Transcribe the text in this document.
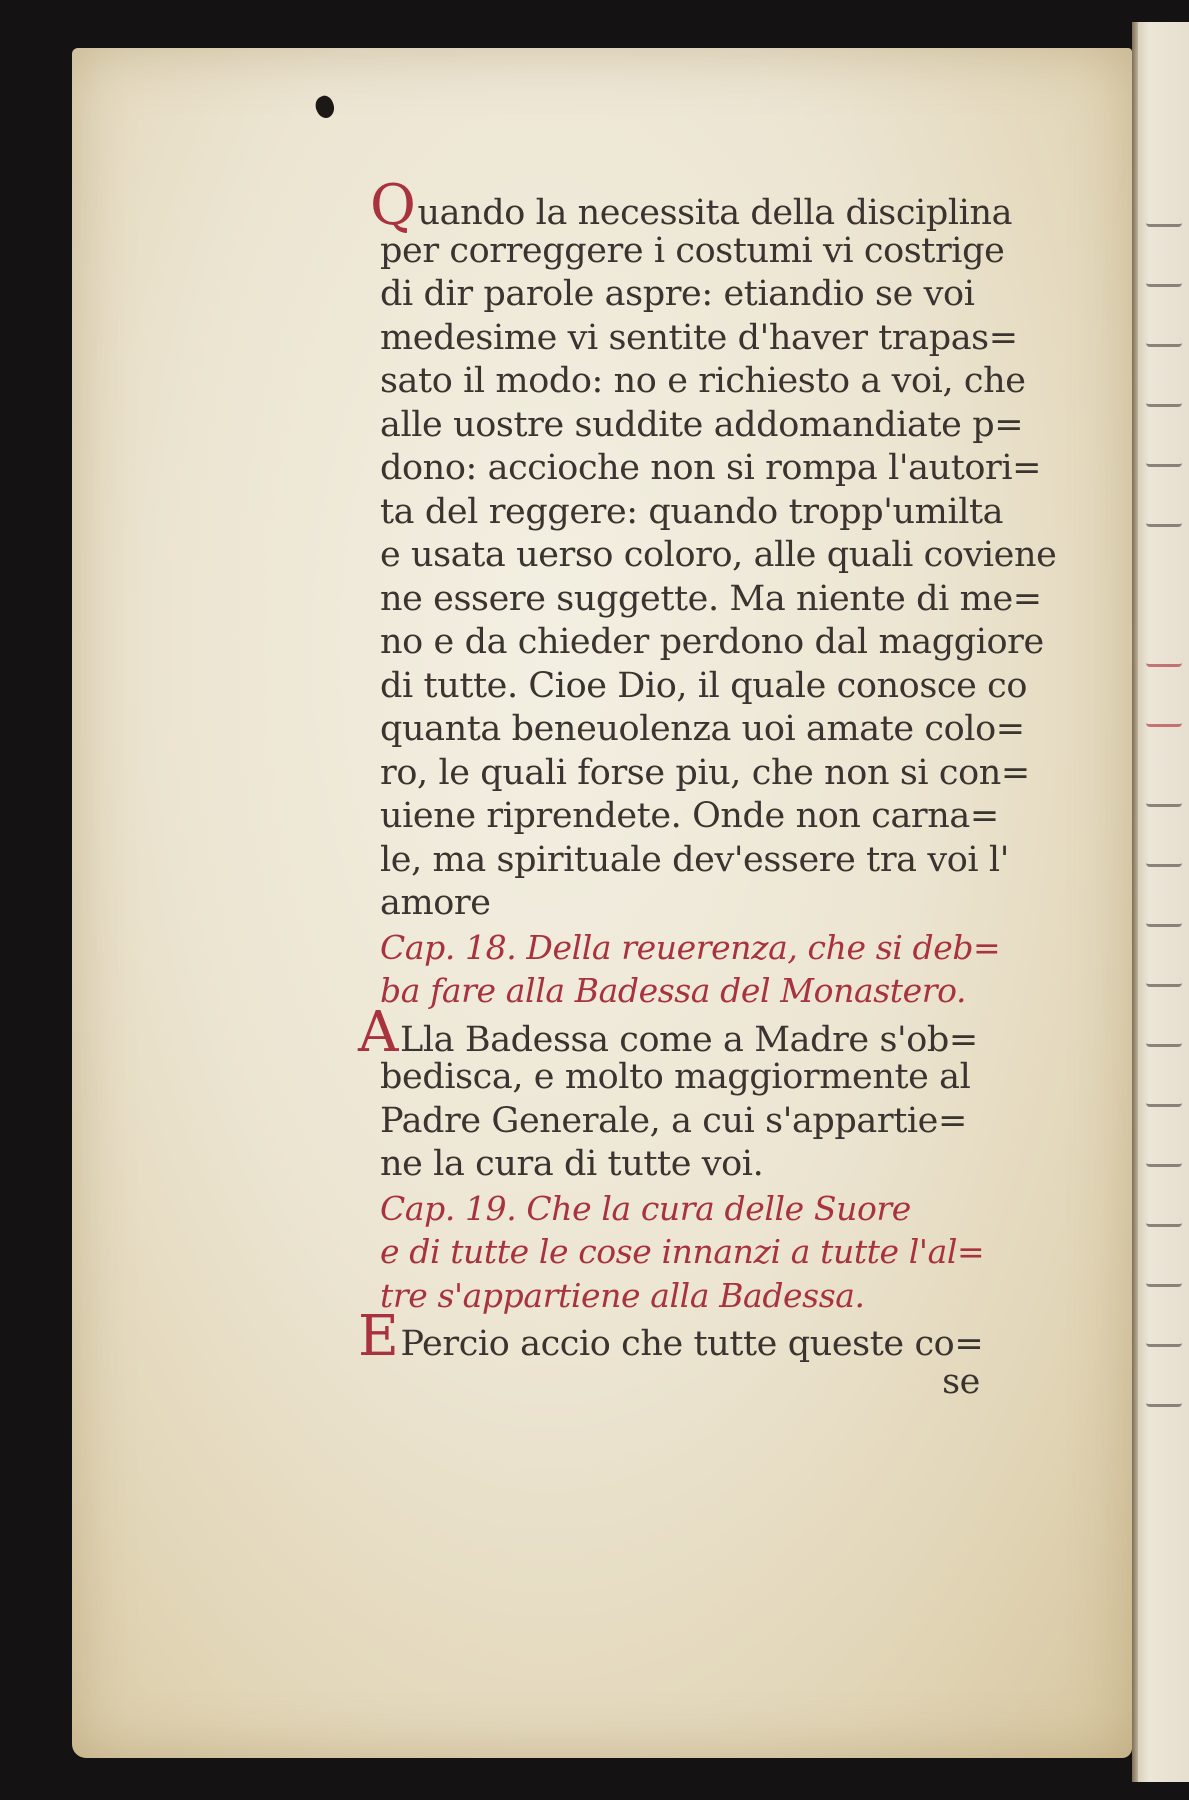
Quando la necessita della disciplina
per correggere i costumi vi costrige
di dir parole aspre: etiandio se voi
medesime vi sentite d'haver trapas=
sato il modo: no e richiesto a voi, che
alle uostre suddite addomandiate p=
dono: accioche non si rompa l'autori=
ta del reggere: quando tropp'umilta
e usata uerso coloro, alle quali coviene
ne essere suggette. Ma niente di me=
no e da chieder perdono dal maggiore
di tutte. Cioe Dio, il quale conosce co
quanta beneuolenza uoi amate colo=
ro, le quali forse piu, che non si con=
uiene riprendete. Onde non carna=
le, ma spirituale dev'essere tra voi l'
amore
Cap. 18. Della reuerenza, che si deb=
ba fare alla Badessa del Monastero.
ALla Badessa come a Madre s'ob=
bedisca, e molto maggiormente al
Padre Generale, a cui s'appartie=
ne la cura di tutte voi.
Cap. 19. Che la cura delle Suore
e di tutte le cose innanzi a tutte l'al=
tre s'appartiene alla Badessa.
EPercio accio che tutte queste co=
se
